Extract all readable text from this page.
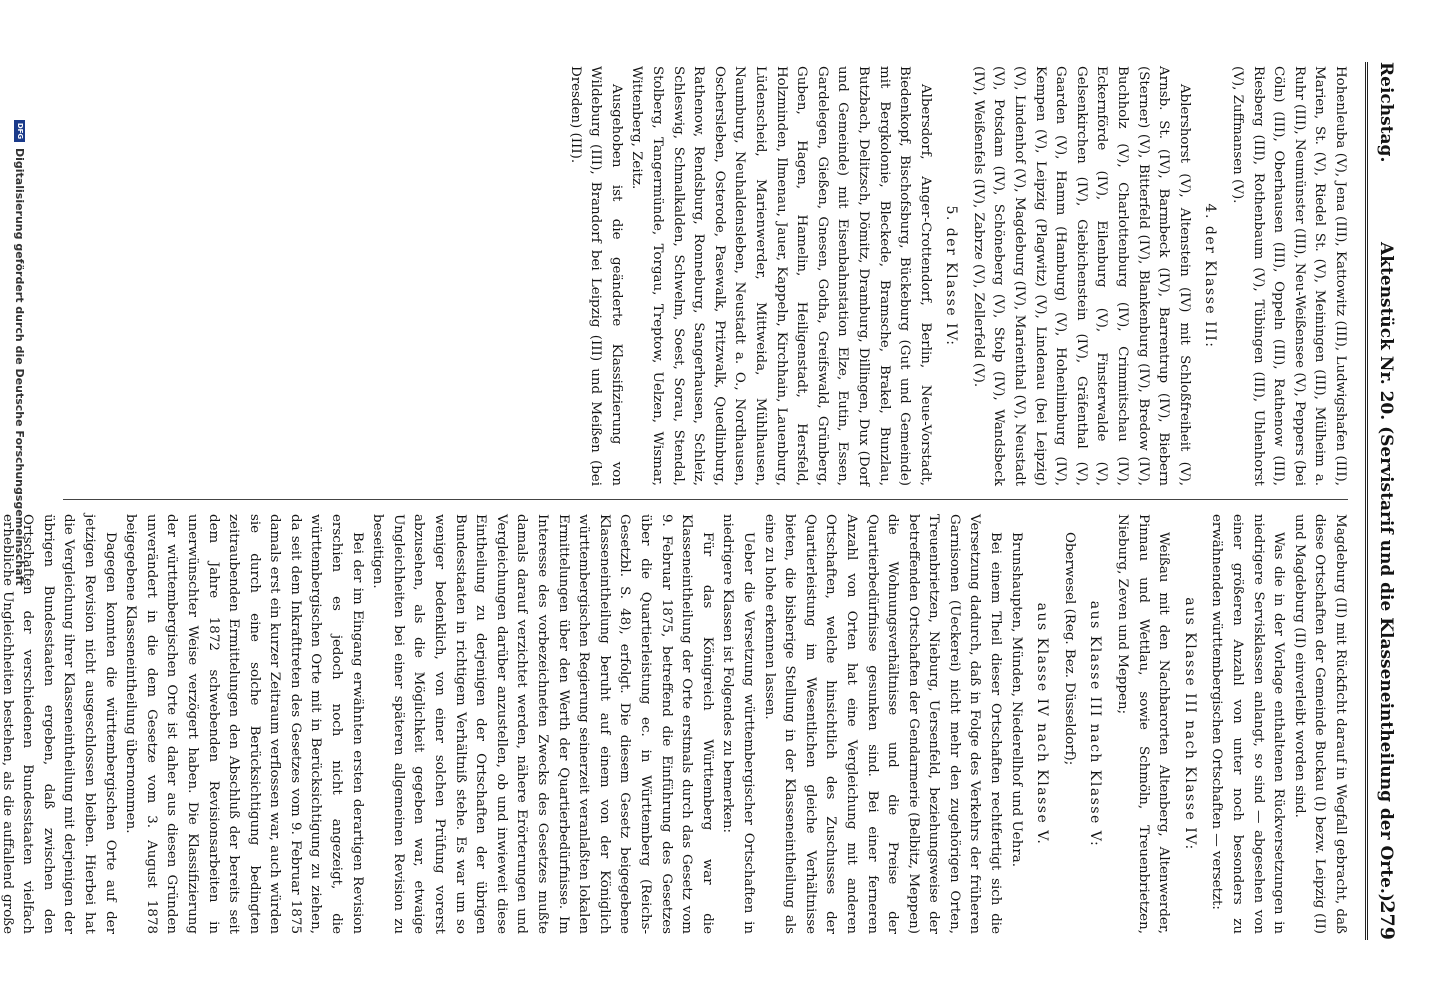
Reichstag.
Aktenstück Nr. 20. (Servistarif und die Klasseneintheilung der Orte.)
279

Hohenleuba (V), Jena (III), Kattowitz (III), Ludwigshafen (III), Marien, St. (V), Riedel St. (V), Meiningen (III), Mülheim a. Ruhr (III), Neumünster (III), Neu-Weißensee (V), Peppers (bei Cöln) (III), Oberhausen (III), Oppeln (III), Rathenow (III), Riesberg (III), Rothenbaum (V), Tübingen (III), Uhlenhorst (V), Zuffmansen (V).

4. der Klasse III:

Ablershorst (V), Altenstein (IV) mit Schloßfreiheit (V), Arnsb. St. (IV), Barmbeck (IV), Barrentrup (IV), Biebern (Sterner) (V), Bitterfeld (IV), Blankenburg (IV), Bredow (IV), Buchholz (V), Charlottenburg (IV), Crimmitschau (IV), Eckernförde (IV), Eilenburg (V), Finsterwalde (V), Gelsenkirchen (IV), Giebichenstein (IV), Gräfenthal (V), Gaarden (V), Hamm (Hamburg) (V), Hohenlimburg (IV), Kempen (V), Leipzig (Plagwitz) (V), Lindenau (bei Leipzig) (V), Lindenhof (V), Magdeburg (IV), Marienthal (V), Neustadt (V), Potsdam (IV), Schöneberg (V), Stolp (IV), Wandsbeck (IV), Weißenfels (IV), Zabrze (V), Zellerfeld (V).

5. der Klasse IV:

Albersdorf, Anger-Crottendorf, Berlin, Neue-Vorstadt, Biedenkopf, Bischofsburg, Bückeburg (Gut und Gemeinde) mit Bergkolonie, Bleckede, Bramsche, Brakel, Bunzlau, Butzbach, Delitzsch, Dömitz, Dramburg, Dillingen, Dux (Dorf und Gemeinde) mit Eisenbahnstation Elze, Eutin, Essen, Gardelegen, Gießen, Gnesen, Gotha, Greifswald, Grünberg, Guben, Hagen, Hamelin, Heiligenstadt, Hersfeld, Holzminden, Ilmenau, Jauer, Kappeln, Kirchhain, Lauenburg, Lüdenscheid, Marienwerder, Mittweida, Mühlhausen, Naumburg, Neuhaldensleben, Neustadt a. O., Nordhausen, Oschersleben, Osterode, Pasewalk, Pritzwalk, Quedlinburg, Rathenow, Rendsburg, Ronneburg, Sangerhausen, Schleiz, Schleswig, Schmalkalden, Schwelm, Soest, Sorau, Stendal, Stolberg, Tangermünde, Torgau, Treptow, Uelzen, Wismar, Wittenberg, Zeitz.

Ausgehoben ist die geänderte Klassifizierung von Wildeburg (III), Brandorf bei Leipzig (III) und Meißen (bei Dresden) (III).

Magdeburg (II) mit Rückficht darauf in Wegfall gebracht, daß diese Ortschaften der Gemeinde Buckau (I) bezw. Leipzig (II) und Magdeburg (II) einverleibt worden sind.

Was die in der Vorlage enthaltenen Rückversetzungen in niedrigere Servisklassen anlangt, so sind — abgesehen von einer größeren Anzahl von unter noch besonders zu erwähnenden württembergischen Ortschaften — versetzt:

aus Klasse III nach Klasse IV:

Weißau mit den Nachbarorten Altenberg, Altenwerder, Pinnau und Wettlau, sowie Schmöln, Treuenbrietzen, Nieburg, Zeven und Meppen;

aus Klasse III nach Klasse V:

Oberwesel (Reg. Bez. Düsseldorf);

aus Klasse IV nach Klasse V.

Brunshaupten, Münden, Niederellhof und Uehra.

Bei einem Theil dieser Ortschaften rechtfertigt sich die Versetzung dadurch, daß in Folge des Verkehrs der früheren Garnisonen (Ueckerei) nicht mehr den zugehörigen Orten, Treuenbrietzen, Nieburg, Uersenfeld, beziehungsweise der betreffenden Ortschaften der Gendarmerie (Belbitz, Meppen) die Wohnungsverhältnisse und die Preise der Quartierbedürfnisse gesunken sind. Bei einer ferneren Anzahl von Orten hat eine Vergleichung mit anderen Ortschaften, welche hinsichtlich des Zuschusses der Quartierleistung im Wesentlichen gleiche Verhältnisse bieten, die bisherige Stellung in der Klasseneintheilung als eine zu hohe erkennen lassen.

Ueber die Versetzung württembergischer Ortschaften in niedrigere Klassen ist Folgendes zu bemerken:

Für das Königreich Württemberg war die Klasseneintheilung der Orte erstmals durch das Gesetz vom 9. Februar 1875, betreffend die Einführung des Gesetzes über die Quartierleistung ec. in Württemberg (Reichs-Gesetzbl. S. 48), erfolgt. Die diesem Gesetz beigegebene Klasseneintheilung beruht auf einem von der Königlich württembergischen Regierung seinerzeit veranlaßten lokalen Ermittelungen über den Werth der Quartierbedürfnisse. Im Interesse des vorbezeichneten Zwecks des Gesetzes mußte damals darauf verzichtet werden, nähere Erörterungen und Vergleichungen darüber anzustellen, ob und inwieweit diese Eintheilung zu derjenigen der Ortschaften der übrigen Bundesstaaten in richtigem Verhältniß stehe. Es war um so weniger bedenklich, von einer solchen Prüfung vorerst abzusehen, als die Möglichkeit gegeben war, etwaige Ungleichheiten bei einer späteren allgemeinen Revision zu beseitigen.

Bei der im Eingang erwähnten ersten derartigen Revision erschien es jedoch noch nicht angezeigt, die württembergischen Orte mit in Berücksichtigung zu ziehen, da seit dem Inkrafttreten des Gesetzes vom 9. Februar 1875 damals erst ein kurzer Zeitraum verflossen war, auch würden sie durch eine solche Berücksichtigung bedingten zeitraubenden Ermittelungen den Abschluß der bereits seit dem Jahre 1872 schwebenden Revisionsarbeiten in unerwünschter Weise verzögert haben. Die Klassifizierung der württembergischen Orte ist daher aus diesen Gründen unverändert in die dem Gesetze vom 3. August 1878 beigegebene Klasseneintheilung übernommen.

Dagegen konnten die württembergischen Orte auf der jetzigen Revision nicht ausgeschlossen bleiben. Hierbei hat die Vergleichung ihrer Klasseneintheilung mit derjenigen der übrigen Bundesstaaten ergeben, daß zwischen den Ortschaften der verschiedenen Bundesstaaten vielfach erhebliche Ungleichheiten bestehen, als die auffallend große

DFG
Digitalisierung gefördert durch die Deutsche Forschungsgemeinschaft
